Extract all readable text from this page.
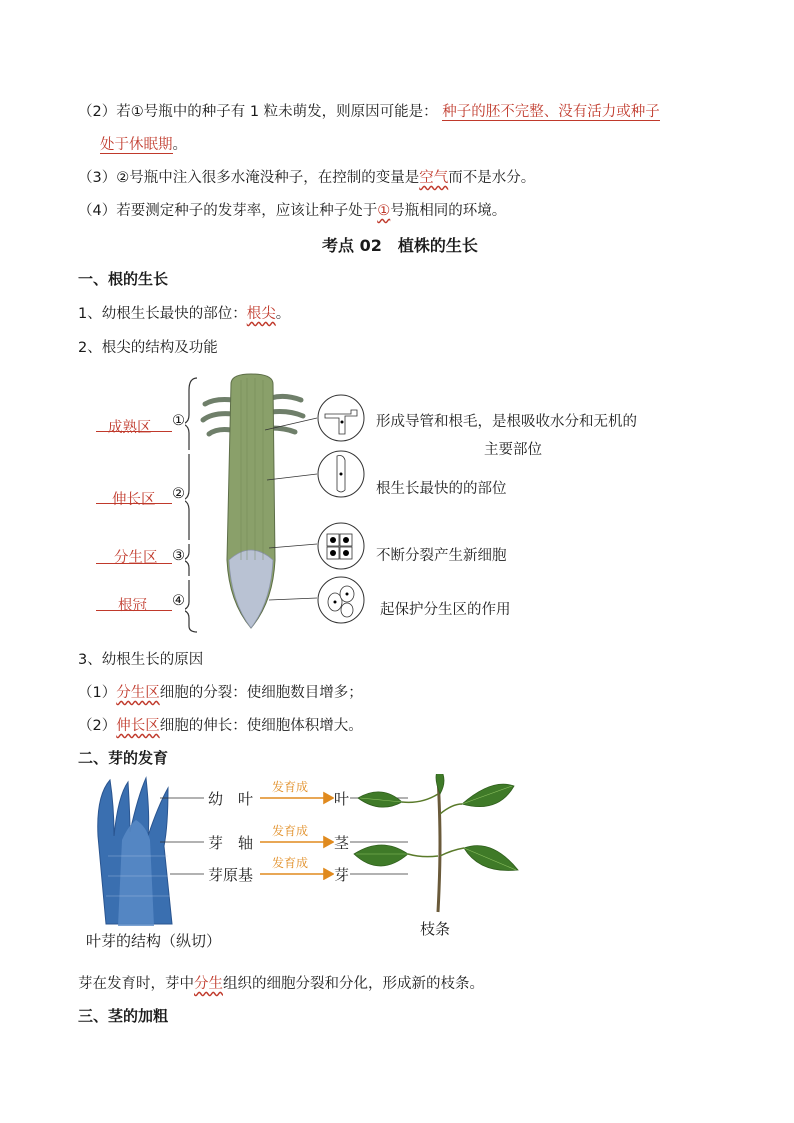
（2）若①号瓶中的种子有 1 粒未萌发，则原因可能是： 种子的胚不完整、没有活力或种子
处于休眠期。
（3）②号瓶中注入很多水淹没种子，在控制的变量是空气而不是水分。
（4）若要测定种子的发芽率，应该让种子处于①号瓶相同的环境。
考点 02　植株的生长
一、根的生长
1、幼根生长最快的部位：根尖。
2、根尖的结构及功能
成熟区 ①
伸长区 ②
分生区 ③
根冠 ④
形成导管和根毛，是根吸收水分和无机的
主要部位
根生长最快的的部位
不断分裂产生新细胞
起保护分生区的作用
3、幼根生长的原因
（1）分生区细胞的分裂：使细胞数目增多；
（2）伸长区细胞的伸长：使细胞体积增大。
二、芽的发育
幼　叶
芽　轴
芽原基
发育成
发育成
发育成
叶
茎
芽
叶芽的结构（纵切）
枝条
芽在发育时，芽中分生组织的细胞分裂和分化，形成新的枝条。
三、茎的加粗
